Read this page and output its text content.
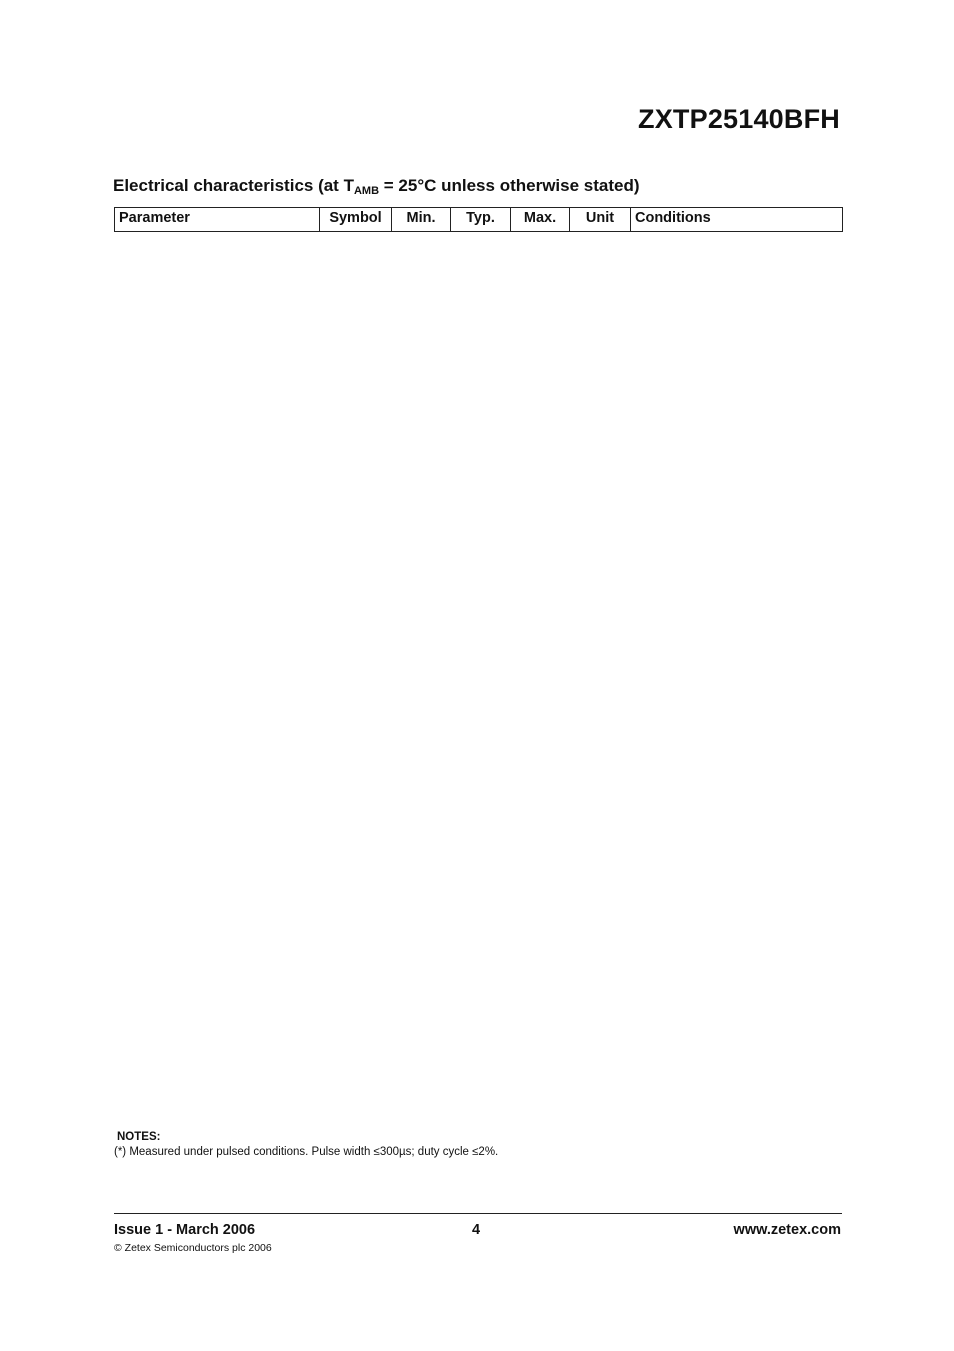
ZXTP25140BFH
Electrical characteristics (at $T_{AMB} = 25^\circ C$ unless otherwise stated)
Parameter	Symbol	Min.	Typ.	Max.	Unit	Conditions
NOTES:
(*) Measured under pulsed conditions. Pulse width ≤300µs; duty cycle ≤2%.
Issue 1 - March 2006	4	www.zetex.com
© Zetex Semiconductors plc 2006
